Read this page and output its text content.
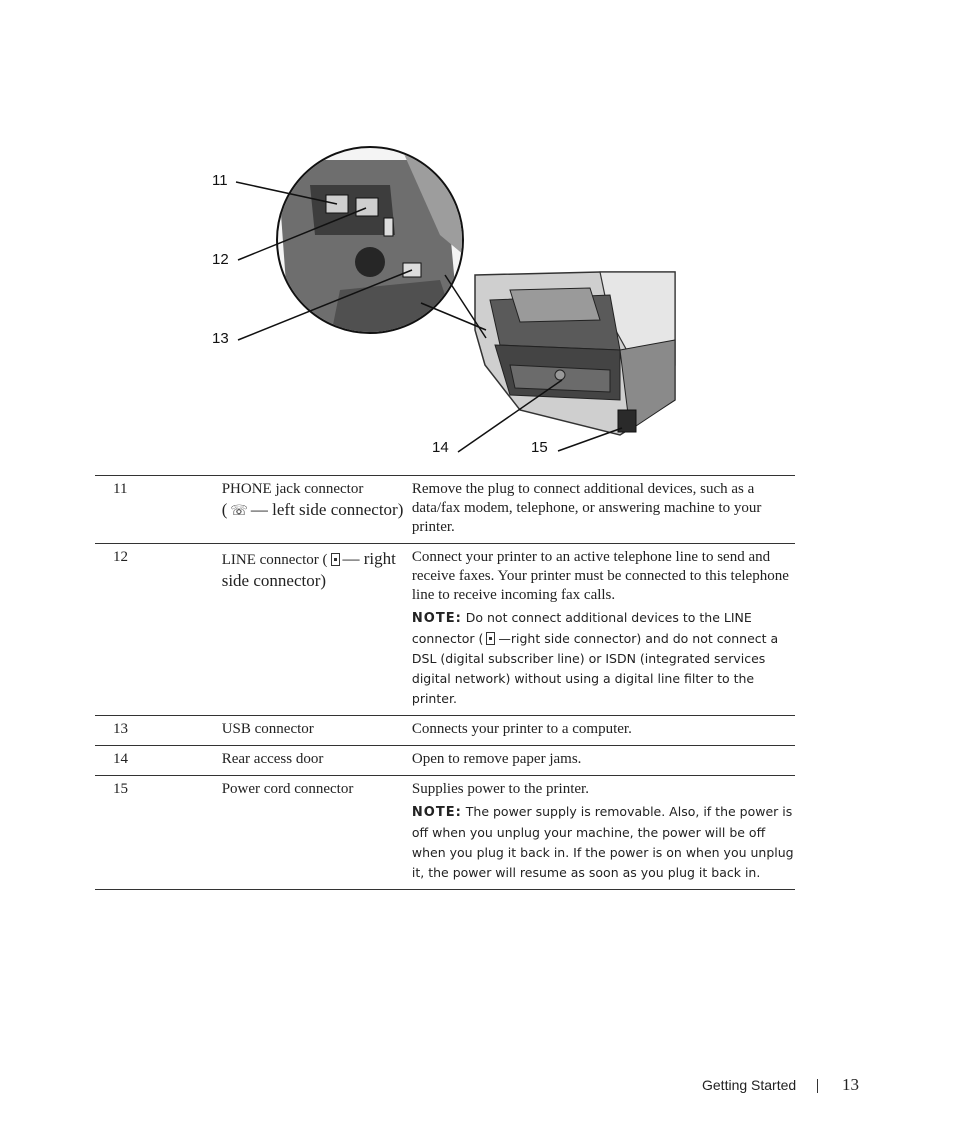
11
12
13
14	15
11	PHONE jack connector
( ☏ — left side connector)	Remove the plug to connect additional devices, such as a data/fax modem, telephone, or answering machine to your printer.
12	LINE connector ( — right side connector)	Connect your printer to an active telephone line to send and receive faxes. Your printer must be connected to this telephone line to receive incoming fax calls.
NOTE: Do not connect additional devices to the LINE connector ( —right side connector) and do not connect a DSL (digital subscriber line) or ISDN (integrated services digital network) without using a digital line filter to the printer.

13	USB connector	Connects your printer to a computer.
14	Rear access door	Open to remove paper jams.
15	Power cord connector	Supplies power to the printer.
NOTE: The power supply is removable. Also, if the power is off when you unplug your machine, the power will be off when you plug it back in. If the power is on when you unplug it, the power will resume as soon as you plug it back in.
Getting Started	13
